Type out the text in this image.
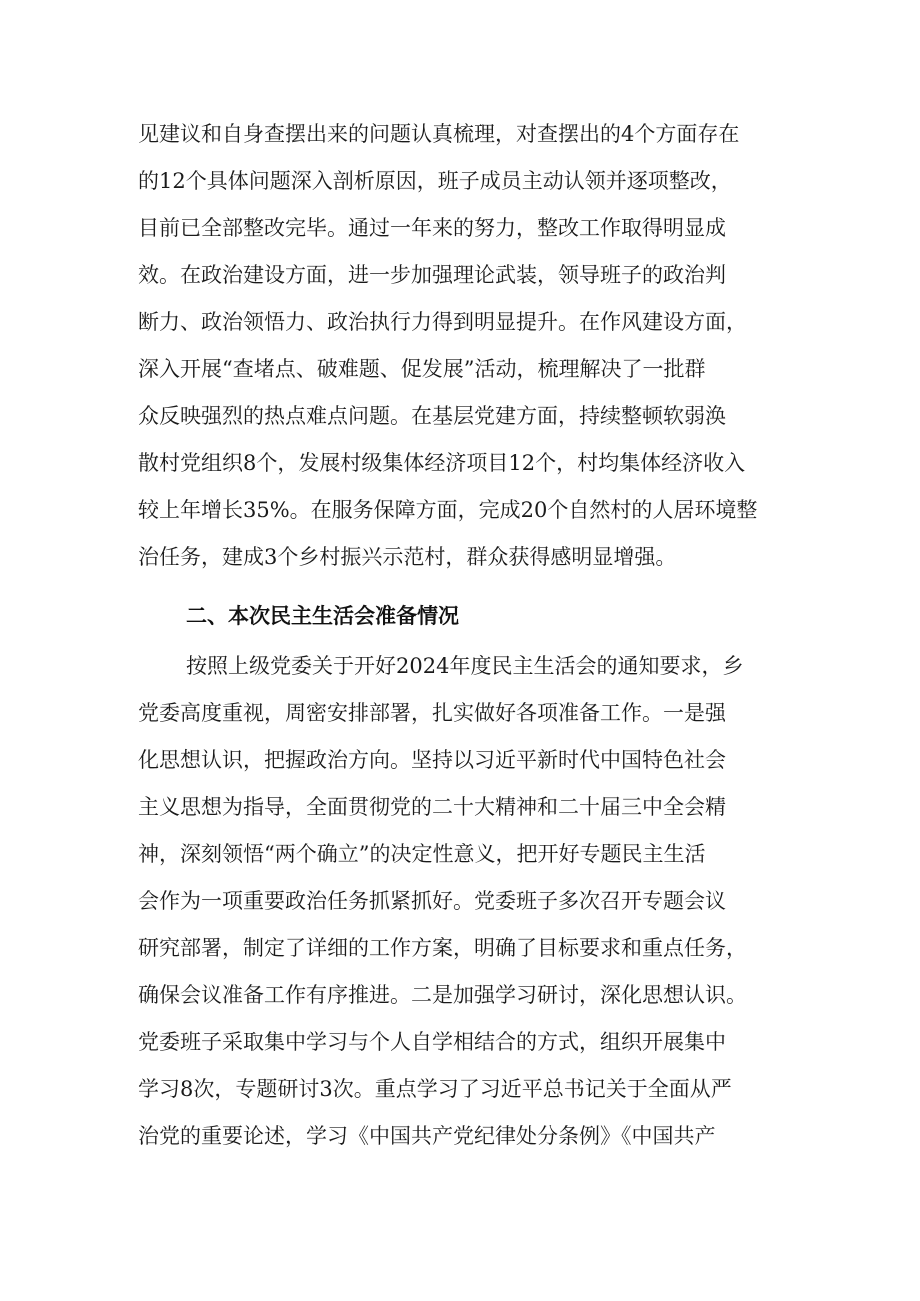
见建议和自身查摆出来的问题认真梳理，对查摆出的4个方面存在
的12个具体问题深入剖析原因，班子成员主动认领并逐项整改，
目前已全部整改完毕。通过一年来的努力，整改工作取得明显成
效。在政治建设方面，进一步加强理论武装，领导班子的政治判
断力、政治领悟力、政治执行力得到明显提升。在作风建设方面，
深入开展“查堵点、破难题、促发展”活动，梳理解决了一批群
众反映强烈的热点难点问题。在基层党建方面，持续整顿软弱涣
散村党组织8个，发展村级集体经济项目12个，村均集体经济收入
较上年增长35%。在服务保障方面，完成20个自然村的人居环境整
治任务，建成3个乡村振兴示范村，群众获得感明显增强。
二、本次民主生活会准备情况
按照上级党委关于开好2024年度民主生活会的通知要求，乡
党委高度重视，周密安排部署，扎实做好各项准备工作。一是强
化思想认识，把握政治方向。坚持以习近平新时代中国特色社会
主义思想为指导，全面贯彻党的二十大精神和二十届三中全会精
神，深刻领悟“两个确立”的决定性意义，把开好专题民主生活
会作为一项重要政治任务抓紧抓好。党委班子多次召开专题会议
研究部署，制定了详细的工作方案，明确了目标要求和重点任务，
确保会议准备工作有序推进。二是加强学习研讨，深化思想认识。
党委班子采取集中学习与个人自学相结合的方式，组织开展集中
学习8次，专题研讨3次。重点学习了习近平总书记关于全面从严
治党的重要论述，学习《中国共产党纪律处分条例》《中国共产
